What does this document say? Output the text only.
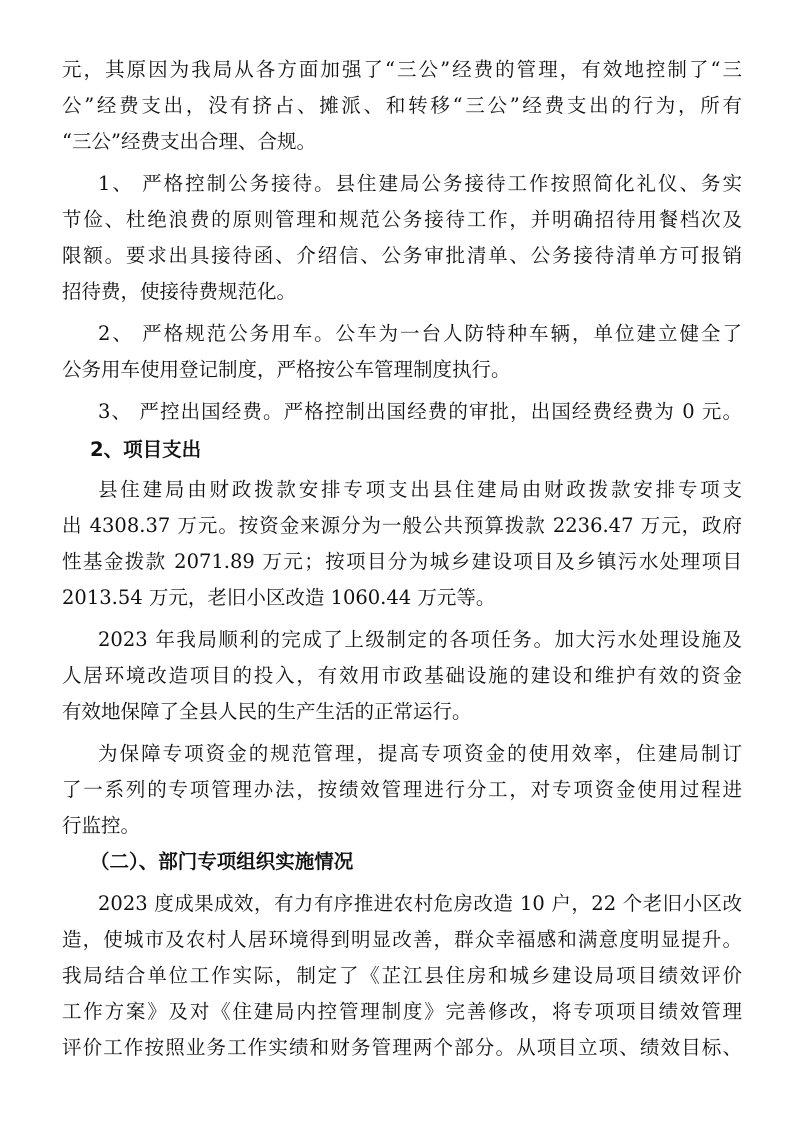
元，其原因为我局从各方面加强了“三公”经费的管理，有效地控制了“三
公”经费支出，没有挤占、摊派、和转移“三公”经费支出的行为，所有
“三公”经费支出合理、合规。
1、 严格控制公务接待。县住建局公务接待工作按照简化礼仪、务实
节俭、杜绝浪费的原则管理和规范公务接待工作，并明确招待用餐档次及
限额。要求出具接待函、介绍信、公务审批清单、公务接待清单方可报销
招待费，使接待费规范化。
2、 严格规范公务用车。公车为一台人防特种车辆，单位建立健全了
公务用车使用登记制度，严格按公车管理制度执行。
3、 严控出国经费。严格控制出国经费的审批，出国经费经费为 0 元。
2、项目支出
县住建局由财政拨款安排专项支出县住建局由财政拨款安排专项支
出 4308.37 万元。按资金来源分为一般公共预算拨款 2236.47 万元，政府
性基金拨款 2071.89 万元；按项目分为城乡建设项目及乡镇污水处理项目
2013.54 万元，老旧小区改造 1060.44 万元等。
2023 年我局顺利的完成了上级制定的各项任务。加大污水处理设施及
人居环境改造项目的投入，有效用市政基础设施的建设和维护有效的资金
有效地保障了全县人民的生产生活的正常运行。
为保障专项资金的规范管理，提高专项资金的使用效率，住建局制订
了一系列的专项管理办法，按绩效管理进行分工，对专项资金使用过程进
行监控。
（二）、部门专项组织实施情况
2023 度成果成效，有力有序推进农村危房改造 10 户，22 个老旧小区改
造，使城市及农村人居环境得到明显改善，群众幸福感和满意度明显提升。
我局结合单位工作实际，制定了《芷江县住房和城乡建设局项目绩效评价
工作方案》及对《住建局内控管理制度》完善修改，将专项项目绩效管理
评价工作按照业务工作实绩和财务管理两个部分。从项目立项、绩效目标、
